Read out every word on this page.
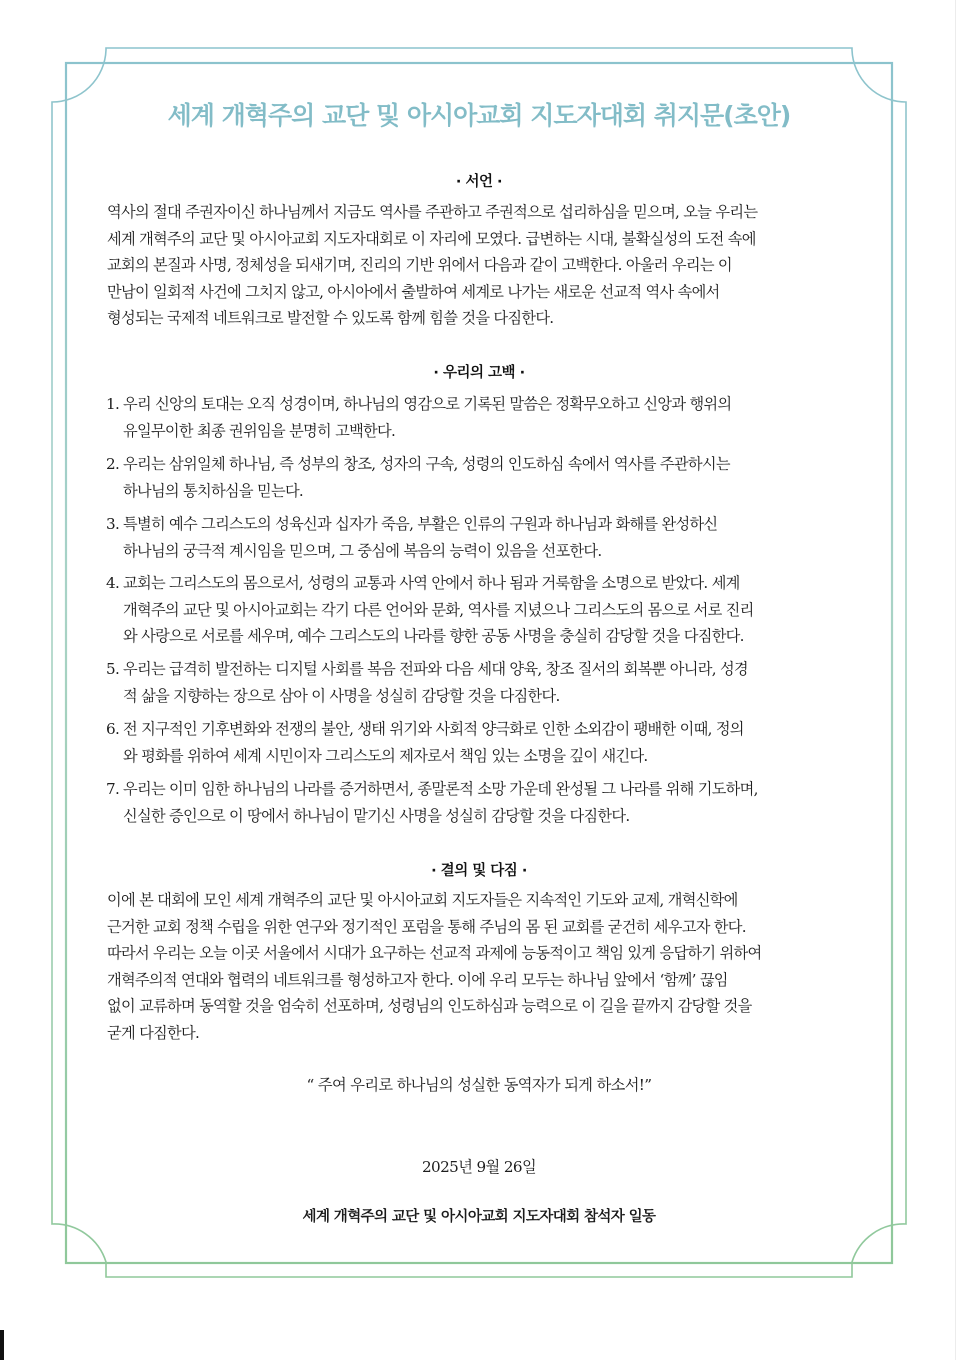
세계 개혁주의 교단 및 아시아교회 지도자대회 취지문(초안)
· 서언 ·
역사의 절대 주권자이신 하나님께서 지금도 역사를 주관하고 주권적으로 섭리하심을 믿으며, 오늘 우리는
세계 개혁주의 교단 및 아시아교회 지도자대회로 이 자리에 모였다. 급변하는 시대, 불확실성의 도전 속에
교회의 본질과 사명, 정체성을 되새기며, 진리의 기반 위에서 다음과 같이 고백한다. 아울러 우리는 이
만남이 일회적 사건에 그치지 않고, 아시아에서 출발하여 세계로 나가는 새로운 선교적 역사 속에서
형성되는 국제적 네트워크로 발전할 수 있도록 함께 힘쓸 것을 다짐한다.
· 우리의 고백 ·
1. 우리 신앙의 토대는 오직 성경이며, 하나님의 영감으로 기록된 말씀은 정확무오하고 신앙과 행위의
유일무이한 최종 권위임을 분명히 고백한다.
2. 우리는 삼위일체 하나님, 즉 성부의 창조, 성자의 구속, 성령의 인도하심 속에서 역사를 주관하시는
하나님의 통치하심을 믿는다.
3. 특별히 예수 그리스도의 성육신과 십자가 죽음, 부활은 인류의 구원과 하나님과 화해를 완성하신
하나님의 궁극적 계시임을 믿으며, 그 중심에 복음의 능력이 있음을 선포한다.
4. 교회는 그리스도의 몸으로서, 성령의 교통과 사역 안에서 하나 됨과 거룩함을 소명으로 받았다. 세계
개혁주의 교단 및 아시아교회는 각기 다른 언어와 문화, 역사를 지녔으나 그리스도의 몸으로 서로 진리
와 사랑으로 서로를 세우며, 예수 그리스도의 나라를 향한 공동 사명을 충실히 감당할 것을 다짐한다.
5. 우리는 급격히 발전하는 디지털 사회를 복음 전파와 다음 세대 양육, 창조 질서의 회복뿐 아니라, 성경
적 삶을 지향하는 장으로 삼아 이 사명을 성실히 감당할 것을 다짐한다.
6. 전 지구적인 기후변화와 전쟁의 불안, 생태 위기와 사회적 양극화로 인한 소외감이 팽배한 이때, 정의
와 평화를 위하여 세계 시민이자 그리스도의 제자로서 책임 있는 소명을 깊이 새긴다.
7. 우리는 이미 임한 하나님의 나라를 증거하면서, 종말론적 소망 가운데 완성될 그 나라를 위해 기도하며,
신실한 증인으로 이 땅에서 하나님이 맡기신 사명을 성실히 감당할 것을 다짐한다.
· 결의 및 다짐 ·
이에 본 대회에 모인 세계 개혁주의 교단 및 아시아교회 지도자들은 지속적인 기도와 교제, 개혁신학에
근거한 교회 정책 수립을 위한 연구와 정기적인 포럼을 통해 주님의 몸 된 교회를 굳건히 세우고자 한다.
따라서 우리는 오늘 이곳 서울에서 시대가 요구하는 선교적 과제에 능동적이고 책임 있게 응답하기 위하여
개혁주의적 연대와 협력의 네트워크를 형성하고자 한다. 이에 우리 모두는 하나님 앞에서 ‘함께’ 끊임
없이 교류하며 동역할 것을 엄숙히 선포하며, 성령님의 인도하심과 능력으로 이 길을 끝까지 감당할 것을
굳게 다짐한다.
“ 주여 우리로 하나님의 성실한 동역자가 되게 하소서!”
2025년 9월 26일
세계 개혁주의 교단 및 아시아교회 지도자대회 참석자 일동
